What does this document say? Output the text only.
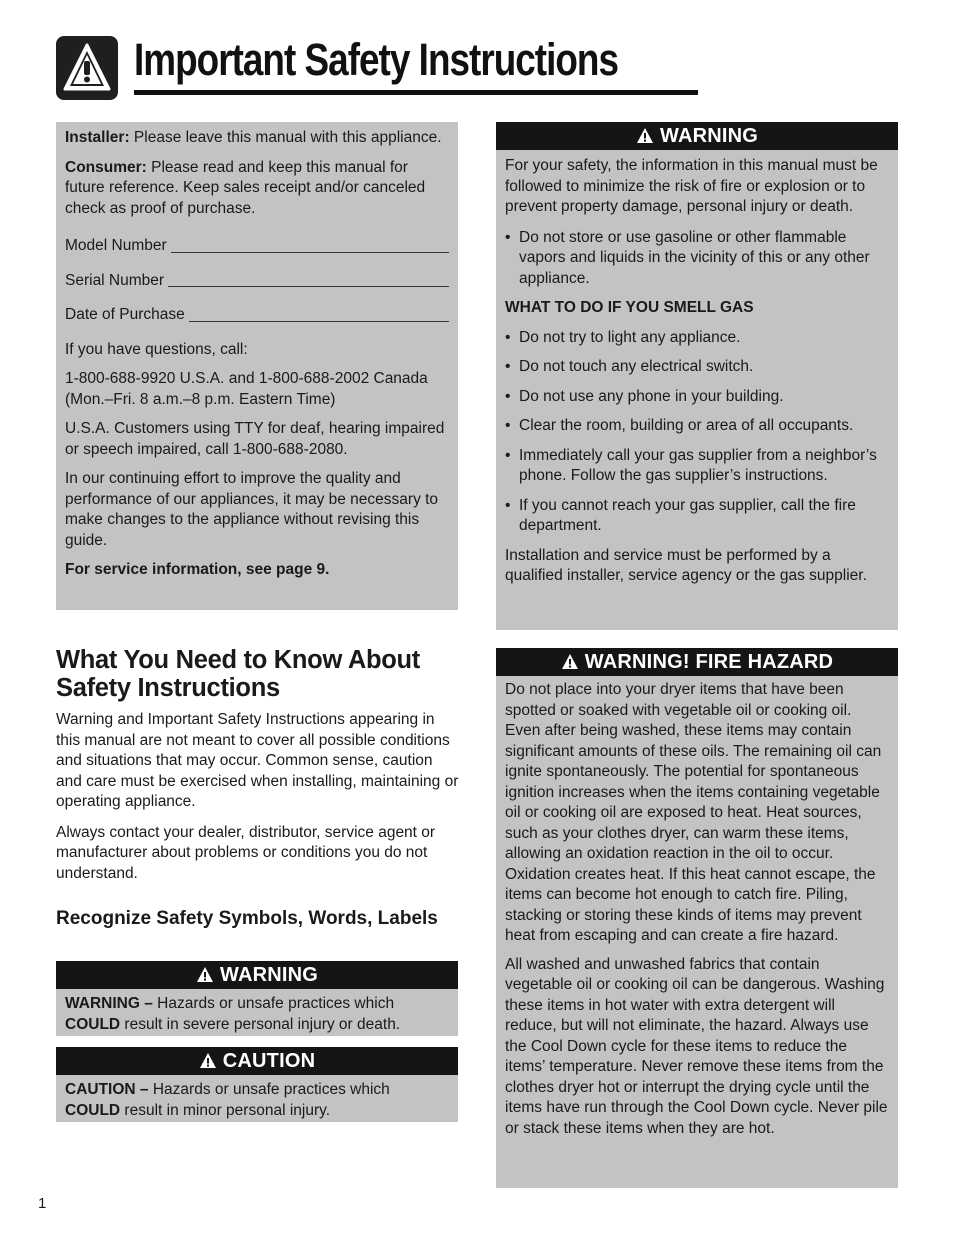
Important Safety Instructions

Installer: Please leave this manual with this appliance.

Consumer: Please read and keep this manual for future reference. Keep sales receipt and/or canceled check as proof of purchase.

Model Number
Serial Number
Date of Purchase

If you have questions, call:

1-800-688-9920 U.S.A. and 1-800-688-2002 Canada (Mon.–Fri. 8 a.m.–8 p.m. Eastern Time)

U.S.A. Customers using TTY for deaf, hearing impaired or speech impaired, call 1-800-688-2080.

In our continuing effort to improve the quality and performance of our appliances, it may be necessary to make changes to the appliance without revising this guide.

For service information, see page 9.

WARNING

For your safety, the information in this manual must be followed to minimize the risk of fire or explosion or to prevent property damage, personal injury or death.

• Do not store or use gasoline or other flammable vapors and liquids in the vicinity of this or any other appliance.

WHAT TO DO IF YOU SMELL GAS

• Do not try to light any appliance.
• Do not touch any electrical switch.
• Do not use any phone in your building.
• Clear the room, building or area of all occupants.
• Immediately call your gas supplier from a neighbor’s phone. Follow the gas supplier’s instructions.
• If you cannot reach your gas supplier, call the fire department.

Installation and service must be performed by a qualified installer, service agency or the gas supplier.

WARNING! FIRE HAZARD

Do not place into your dryer items that have been spotted or soaked with vegetable oil or cooking oil. Even after being washed, these items may contain significant amounts of these oils. The remaining oil can ignite spontaneously. The potential for spontaneous ignition increases when the items containing vegetable oil or cooking oil are exposed to heat. Heat sources, such as your clothes dryer, can warm these items, allowing an oxidation reaction in the oil to occur. Oxidation creates heat. If this heat cannot escape, the items can become hot enough to catch fire. Piling, stacking or storing these kinds of items may prevent heat from escaping and can create a fire hazard.

All washed and unwashed fabrics that contain vegetable oil or cooking oil can be dangerous. Washing these items in hot water with extra detergent will reduce, but will not eliminate, the hazard. Always use the Cool Down cycle for these items to reduce the items’ temperature. Never remove these items from the clothes dryer hot or interrupt the drying cycle until the items have run through the Cool Down cycle. Never pile or stack these items when they are hot.

What You Need to Know About Safety Instructions

Warning and Important Safety Instructions appearing in this manual are not meant to cover all possible conditions and situations that may occur. Common sense, caution and care must be exercised when installing, maintaining or operating appliance.

Always contact your dealer, distributor, service agent or manufacturer about problems or conditions you do not understand.

Recognize Safety Symbols, Words, Labels
WARNING

WARNING – Hazards or unsafe practices which COULD result in severe personal injury or death.

CAUTION

CAUTION – Hazards or unsafe practices which COULD result in minor personal injury.

1
